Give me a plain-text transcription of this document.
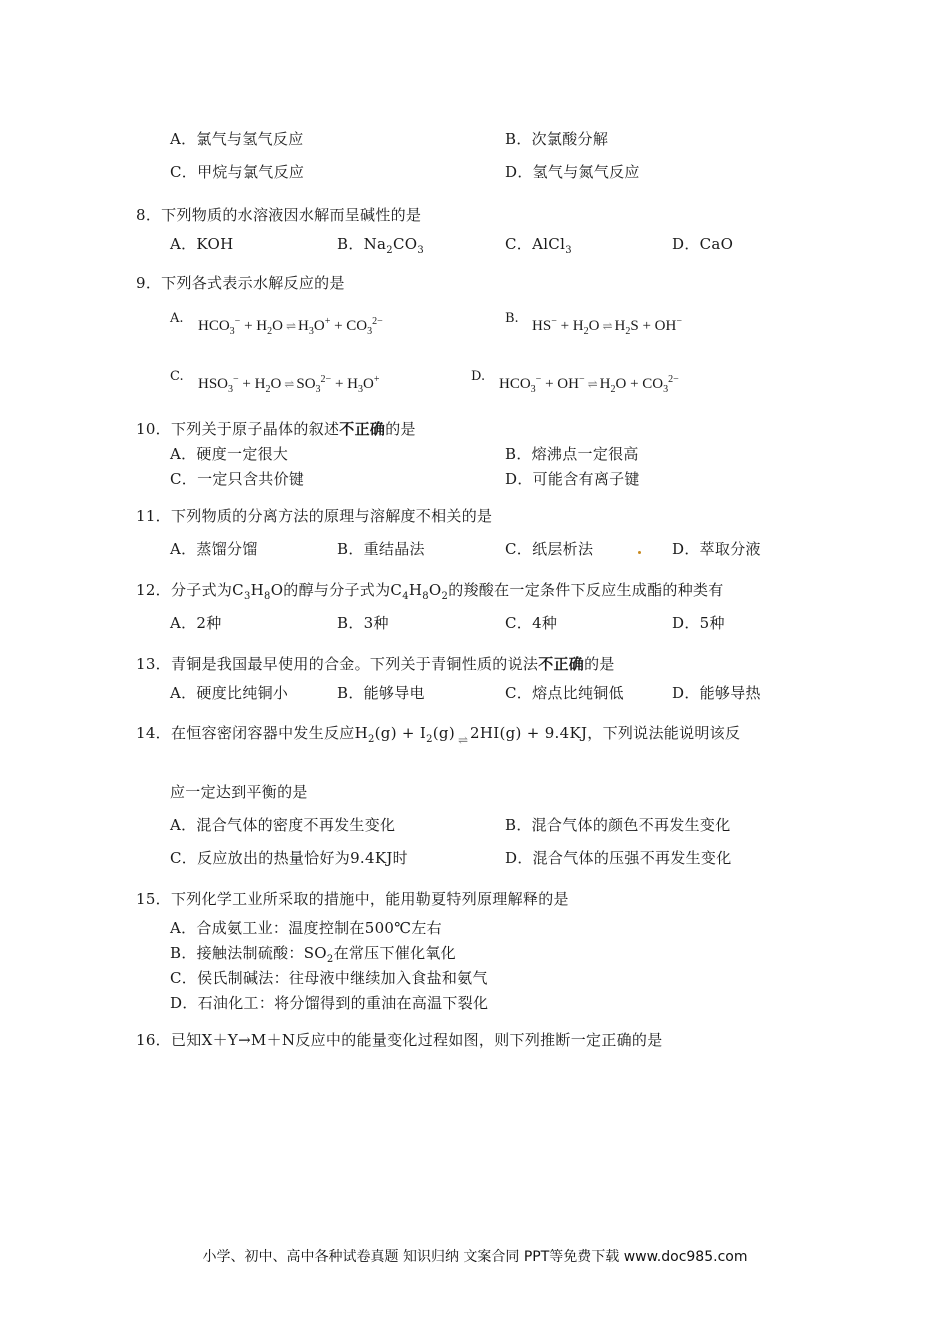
A．氯气与氢气反应	B．次氯酸分解
C．甲烷与氯气反应	D．氢气与氮气反应
8．下列物质的水溶液因水解而呈碱性的是
A．KOH	B．$Na_2CO_3$	C．AlCl$_3$	D．CaO
9．下列各式表示水解反应的是
A. $HCO_3^- + H_2O$ ⇌ $H_3O^+ + CO_3^{2-}$	B. $HS^- + H_2O$ ⇌ $H_2S + OH^-$
C. $HSO_3^- + H_2O$ ⇌ $SO_3^{2-} + H_3O^+$	D. $HCO_3^- + OH^-$ ⇌ $H_2O + CO_3^{2-}$
10．下列关于原子晶体的叙述不正确的是
A．硬度一定很大	B．熔沸点一定很高
C．一定只含共价键	D．可能含有离子键
11．下列物质的分离方法的原理与溶解度不相关的是
A．蒸馏分馏	B．重结晶法	C．纸层析法	D．萃取分液
12．分子式为$C_3H_8O$的醇与分子式为$C_4H_8O_2$的羧酸在一定条件下反应生成酯的种类有
A．2种	B．3种	C．4种	D．5种
13．青铜是我国最早使用的合金。下列关于青铜性质的说法不正确的是
A．硬度比纯铜小	B．能够导电	C．熔点比纯铜低	D．能够导热
14．在恒容密闭容器中发生反应$H_2(g) + I_2(g)$ $_\rightleftharpoons$ 2HI(g) + 9.4KJ，下列说法能说明该反
应一定达到平衡的是
A．混合气体的密度不再发生变化	B．混合气体的颜色不再发生变化
C．反应放出的热量恰好为9.4KJ时	D．混合气体的压强不再发生变化
15．下列化学工业所采取的措施中，能用勒夏特列原理解释的是
A．合成氨工业：温度控制在500℃左右
B．接触法制硫酸：$SO_2$在常压下催化氧化
C．侯氏制碱法：往母液中继续加入食盐和氨气
D．石油化工：将分馏得到的重油在高温下裂化
16．已知X＋Y→M＋N反应中的能量变化过程如图，则下列推断一定正确的是
小学、初中、高中各种试卷真题 知识归纳 文案合同 PPT等免费下载 www.doc985.com
